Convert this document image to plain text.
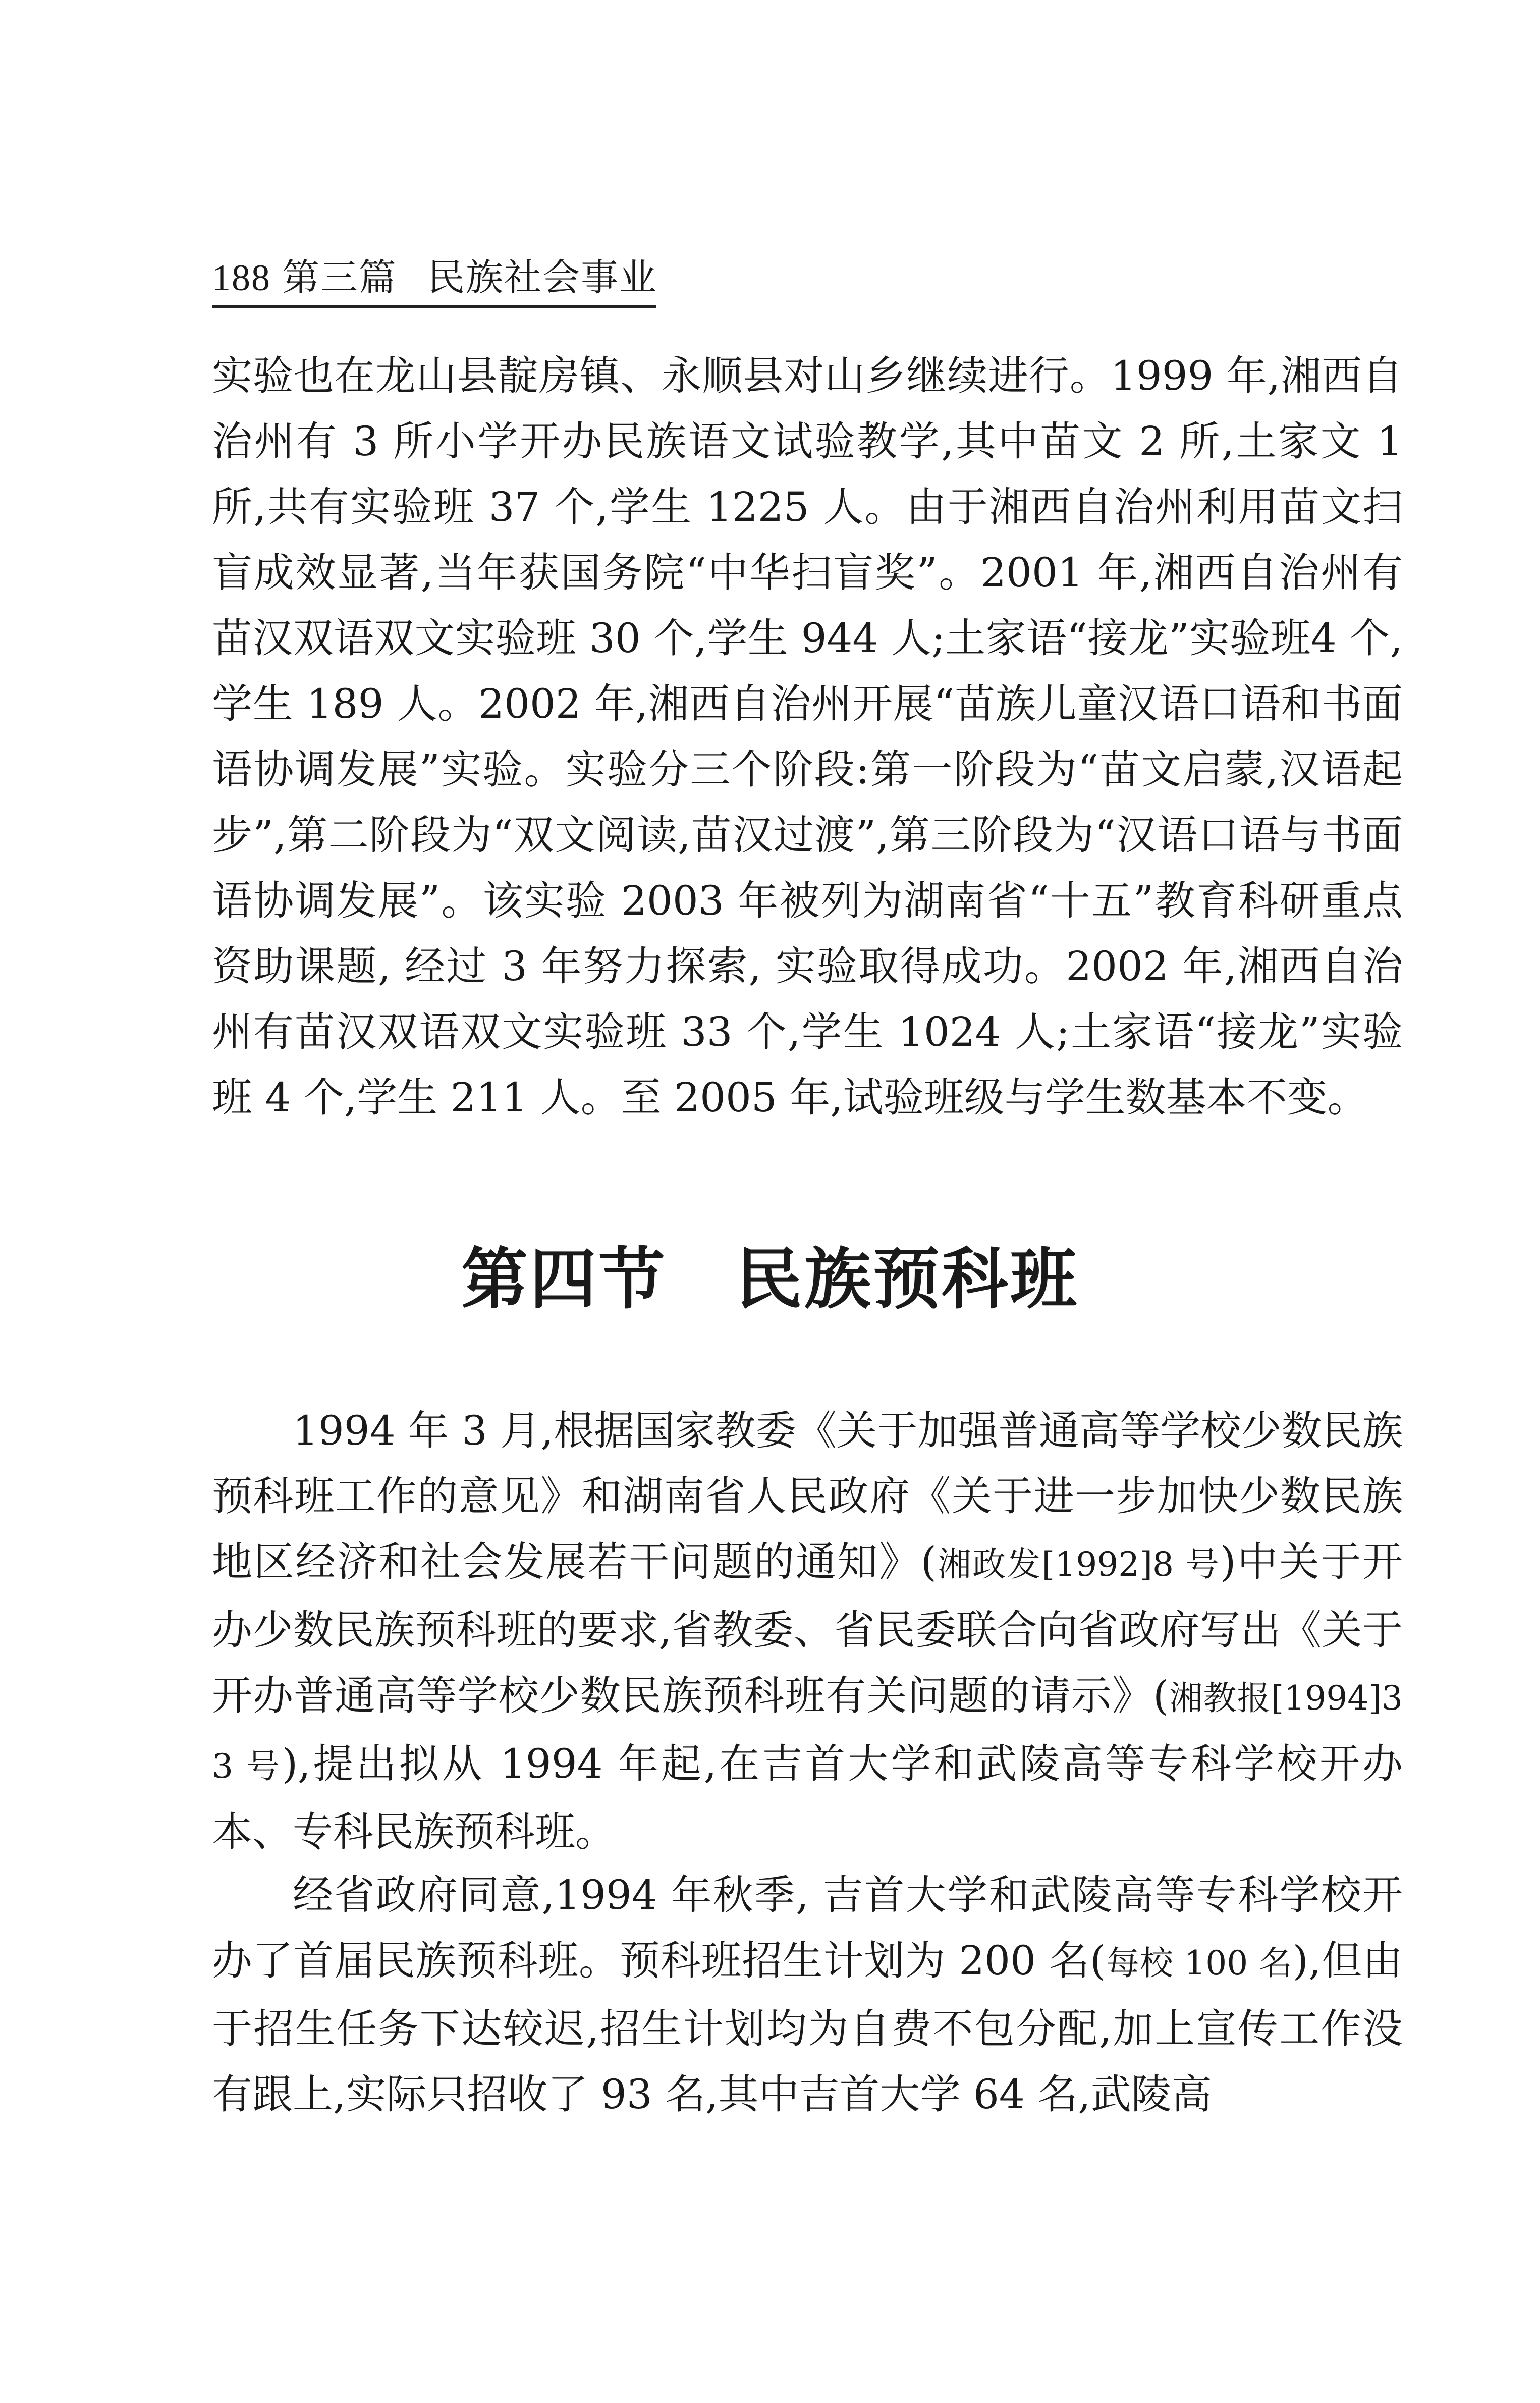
188 第三篇 民族社会事业
实验也在龙山县靛房镇、永顺县对山乡继续进行。1999 年,湘西自治州有 3 所小学开办民族语文试验教学,其中苗文 2 所,土家文 1 所,共有实验班 37 个,学生 1225 人。由于湘西自治州利用苗文扫盲成效显著,当年获国务院“中华扫盲奖”。2001 年,湘西自治州有苗汉双语双文实验班 30 个,学生 944 人;土家语“接龙”实验班4 个,学生 189 人。2002 年,湘西自治州开展“苗族儿童汉语口语和书面语协调发展”实验。实验分三个阶段:第一阶段为“苗文启蒙,汉语起步”,第二阶段为“双文阅读,苗汉过渡”,第三阶段为“汉语口语与书面语协调发展”。该实验 2003 年被列为湖南省“十五”教育科研重点资助课题, 经过 3 年努力探索, 实验取得成功。2002 年,湘西自治州有苗汉双语双文实验班 33 个,学生 1024 人;土家语“接龙”实验班 4 个,学生 211 人。至 2005 年,试验班级与学生数基本不变。
第四节　民族预科班
1994 年 3 月,根据国家教委《关于加强普通高等学校少数民族预科班工作的意见》和湖南省人民政府《关于进一步加快少数民族地区经济和社会发展若干问题的通知》(湘政发[1992]8 号)中关于开办少数民族预科班的要求,省教委、省民委联合向省政府写出《关于开办普通高等学校少数民族预科班有关问题的请示》(湘教报[1994]33 号),提出拟从 1994 年起,在吉首大学和武陵高等专科学校开办本、专科民族预科班。
经省政府同意,1994 年秋季, 吉首大学和武陵高等专科学校开办了首届民族预科班。预科班招生计划为 200 名(每校 100 名),但由于招生任务下达较迟,招生计划均为自费不包分配,加上宣传工作没有跟上,实际只招收了 93 名,其中吉首大学 64 名,武陵高
